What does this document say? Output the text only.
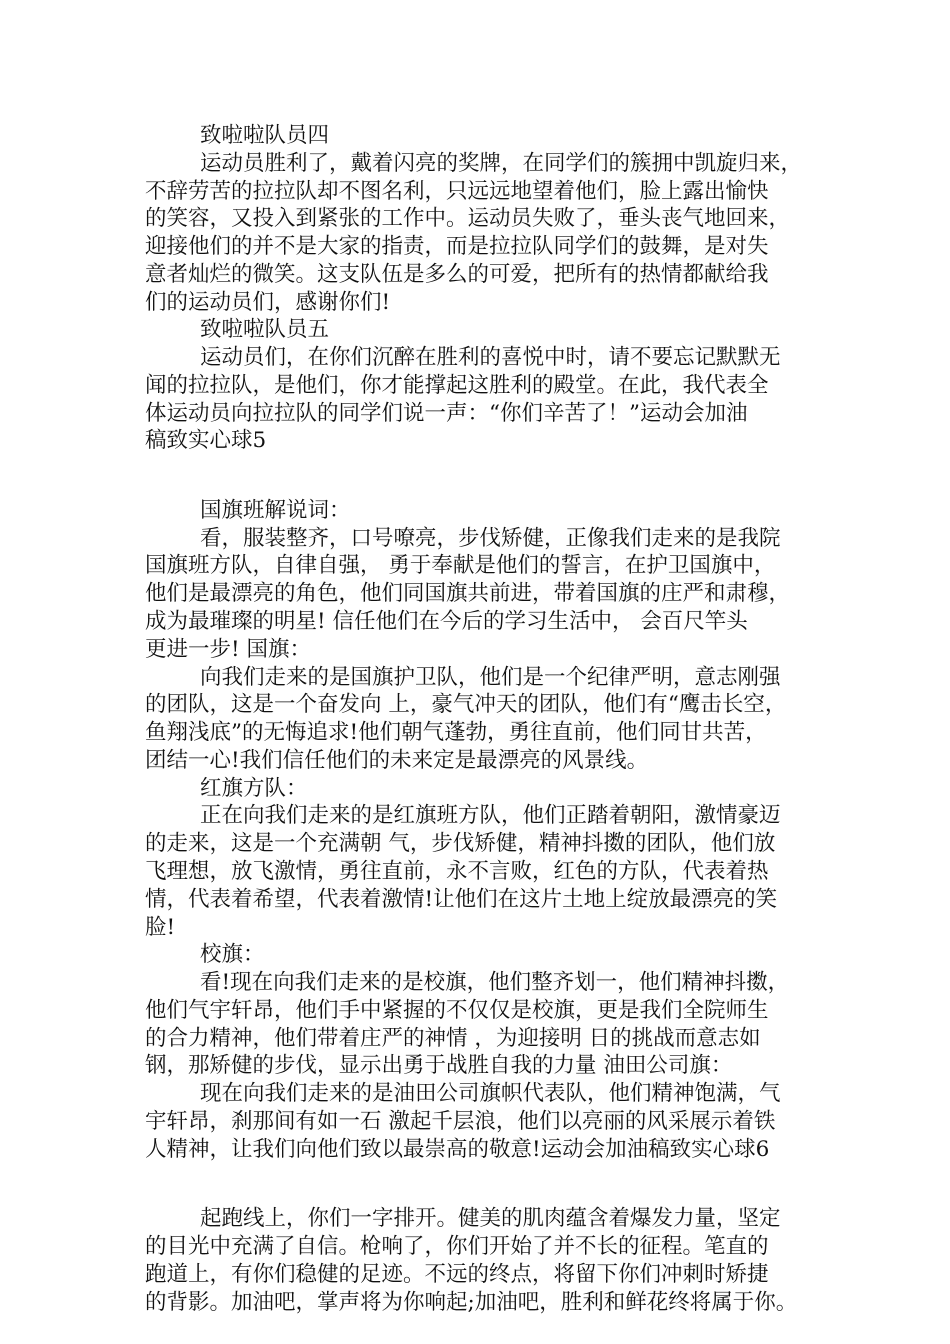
致啦啦队员四
运动员胜利了，戴着闪亮的奖牌，在同学们的簇拥中凯旋归来，
不辞劳苦的拉拉队却不图名利，只远远地望着他们，脸上露出愉快
的笑容，又投入到紧张的工作中。运动员失败了，垂头丧气地回来，
迎接他们的并不是大家的指责，而是拉拉队同学们的鼓舞，是对失
意者灿烂的微笑。这支队伍是多么的可爱，把所有的热情都献给我
们的运动员们，感谢你们!
致啦啦队员五
运动员们，在你们沉醉在胜利的喜悦中时，请不要忘记默默无
闻的拉拉队，是他们，你才能撑起这胜利的殿堂。在此，我代表全
体运动员向拉拉队的同学们说一声：“你们辛苦了！”运动会加油
稿致实心球5
国旗班解说词：
看，服装整齐，口号嘹亮，步伐矫健，正像我们走来的是我院
国旗班方队，自律自强， 勇于奉献是他们的誓言，在护卫国旗中，
他们是最漂亮的角色，他们同国旗共前进，带着国旗的庄严和肃穆，
成为最璀璨的明星! 信任他们在今后的学习生活中， 会百尺竿头
更进一步! 国旗：
向我们走来的是国旗护卫队，他们是一个纪律严明，意志刚强
的团队，这是一个奋发向 上，豪气冲天的团队，他们有“鹰击长空，
鱼翔浅底”的无悔追求!他们朝气蓬勃，勇往直前，他们同甘共苦，
团结一心!我们信任他们的未来定是最漂亮的风景线。
红旗方队：
正在向我们走来的是红旗班方队，他们正踏着朝阳，激情豪迈
的走来，这是一个充满朝 气，步伐矫健，精神抖擞的团队，他们放
飞理想，放飞激情，勇往直前，永不言败，红色的方队，代表着热
情，代表着希望，代表着激情!让他们在这片土地上绽放最漂亮的笑
脸!
校旗：
看!现在向我们走来的是校旗，他们整齐划一，他们精神抖擞，
他们气宇轩昂，他们手中紧握的不仅仅是校旗，更是我们全院师生
的合力精神，他们带着庄严的神情 ，为迎接明 日的挑战而意志如
钢，那矫健的步伐，显示出勇于战胜自我的力量 油田公司旗：
现在向我们走来的是油田公司旗帜代表队，他们精神饱满，气
宇轩昂，刹那间有如一石 激起千层浪，他们以亮丽的风采展示着铁
人精神，让我们向他们致以最崇高的敬意!运动会加油稿致实心球6
起跑线上，你们一字排开。健美的肌肉蕴含着爆发力量，坚定
的目光中充满了自信。枪响了，你们开始了并不长的征程。笔直的
跑道上，有你们稳健的足迹。不远的终点，将留下你们冲刺时矫捷
的背影。加油吧，掌声将为你响起;加油吧，胜利和鲜花终将属于你。
